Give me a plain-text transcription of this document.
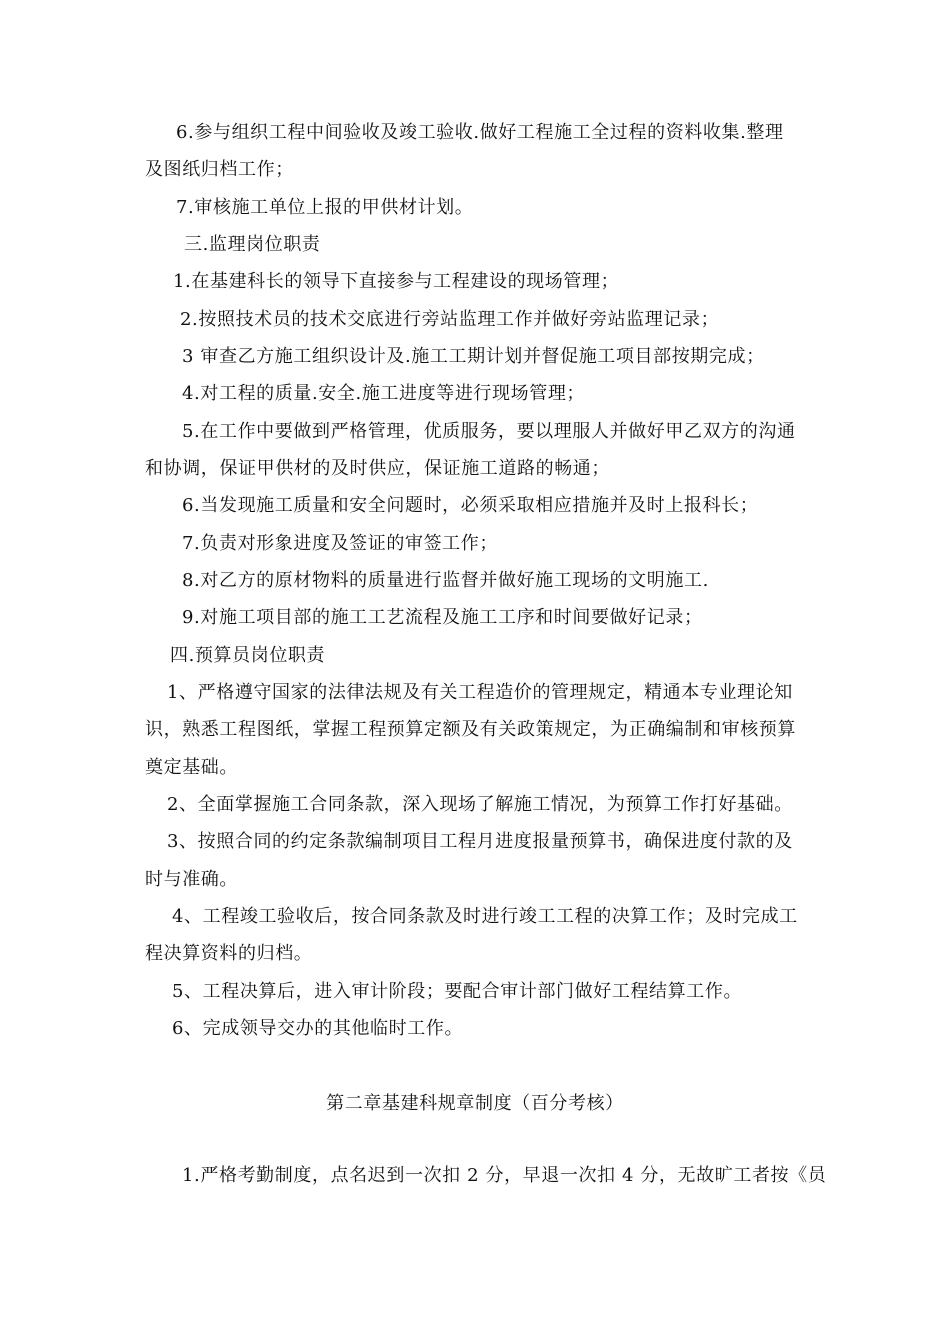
6.参与组织工程中间验收及竣工验收.做好工程施工全过程的资料收集.整理
及图纸归档工作；
7.审核施工单位上报的甲供材计划。
三.监理岗位职责
1.在基建科长的领导下直接参与工程建设的现场管理；
2.按照技术员的技术交底进行旁站监理工作并做好旁站监理记录；
3 审查乙方施工组织设计及.施工工期计划并督促施工项目部按期完成；
4.对工程的质量.安全.施工进度等进行现场管理；
5.在工作中要做到严格管理，优质服务，要以理服人并做好甲乙双方的沟通
和协调，保证甲供材的及时供应，保证施工道路的畅通；
6.当发现施工质量和安全问题时，必须采取相应措施并及时上报科长；
7.负责对形象进度及签证的审签工作；
8.对乙方的原材物料的质量进行监督并做好施工现场的文明施工.
9.对施工项目部的施工工艺流程及施工工序和时间要做好记录；
四.预算员岗位职责
1、严格遵守国家的法律法规及有关工程造价的管理规定，精通本专业理论知
识，熟悉工程图纸，掌握工程预算定额及有关政策规定，为正确编制和审核预算
奠定基础。
2、全面掌握施工合同条款，深入现场了解施工情况，为预算工作打好基础。
3、按照合同的约定条款编制项目工程月进度报量预算书，确保进度付款的及
时与准确。
4、工程竣工验收后，按合同条款及时进行竣工工程的决算工作；及时完成工
程决算资料的归档。
5、工程决算后，进入审计阶段；要配合审计部门做好工程结算工作。
6、完成领导交办的其他临时工作。
第二章基建科规章制度（百分考核）
1.严格考勤制度，点名迟到一次扣 2 分，早退一次扣 4 分，无故旷工者按《员
